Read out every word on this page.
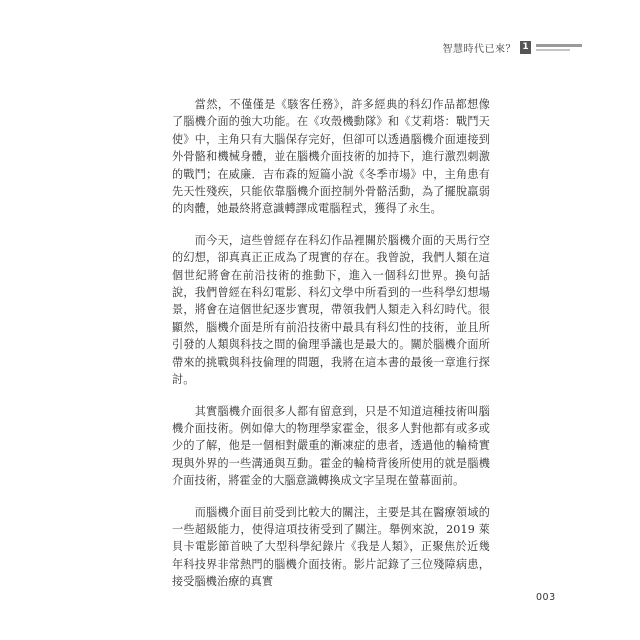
智慧時代已來？ 1

當然，不僅僅是《駭客任務》，許多經典的科幻作品都想像了腦機介面的強大功能。在《攻殼機動隊》和《艾莉塔：戰鬥天使》中，主角只有大腦保存完好，但卻可以透過腦機介面連接到外骨骼和機械身體，並在腦機介面技術的加持下，進行激烈刺激的戰鬥；在威廉．吉布森的短篇小說《冬季市場》中，主角患有先天性殘疾，只能依靠腦機介面控制外骨骼活動，為了擺脫羸弱的肉體，她最終將意識轉譯成電腦程式，獲得了永生。

而今天，這些曾經存在科幻作品裡關於腦機介面的天馬行空的幻想，卻真真正正成為了現實的存在。我曾說，我們人類在這個世紀將會在前沿技術的推動下，進入一個科幻世界。換句話說，我們曾經在科幻電影、科幻文學中所看到的一些科學幻想場景，將會在這個世紀逐步實現，帶領我們人類走入科幻時代。很顯然，腦機介面是所有前沿技術中最具有科幻性的技術，並且所引發的人類與科技之間的倫理爭議也是最大的。關於腦機介面所帶來的挑戰與科技倫理的問題，我將在這本書的最後一章進行探討。

其實腦機介面很多人都有留意到，只是不知道這種技術叫腦機介面技術。例如偉大的物理學家霍金，很多人對他都有或多或少的了解，他是一個相對嚴重的漸凍症的患者，透過他的輪椅實現與外界的一些溝通與互動。霍金的輪椅背後所使用的就是腦機介面技術，將霍金的大腦意識轉換成文字呈現在螢幕面前。

而腦機介面目前受到比較大的關注，主要是其在醫療領域的一些超級能力，使得這項技術受到了關注。舉例來說，2019 萊貝卡電影節首映了大型科學紀錄片《我是人類》，正聚焦於近幾年科技界非常熱門的腦機介面技術。影片記錄了三位殘障病患，接受腦機治療的真實

003
